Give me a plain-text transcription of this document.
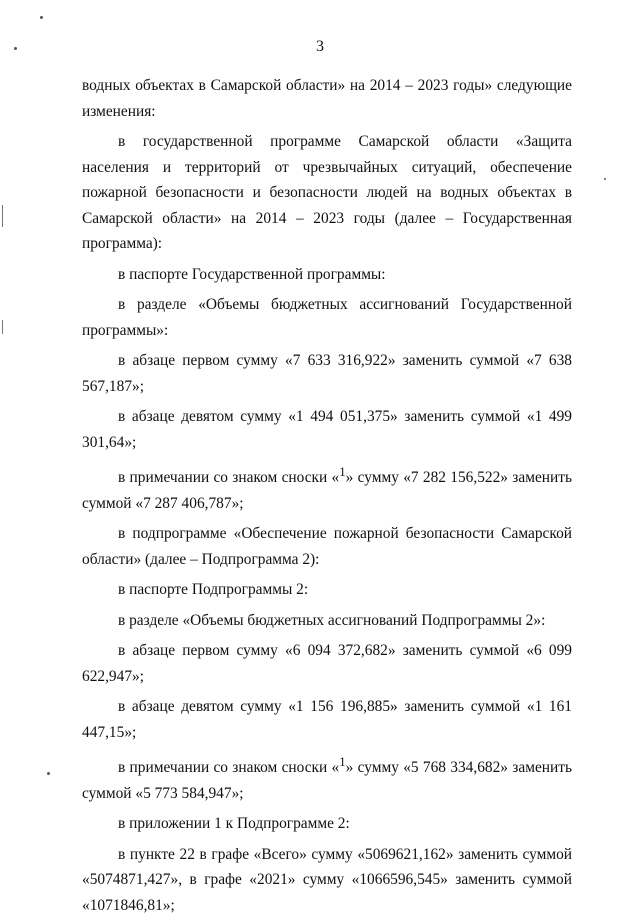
3

водных объектах в Самарской области» на 2014 – 2023 годы» следующие изменения:

в государственной программе Самарской области «Защита населения и территорий от чрезвычайных ситуаций, обеспечение пожарной безопасности и безопасности людей на водных объектах в Самарской области» на 2014 – 2023 годы (далее – Государственная программа):

в паспорте Государственной программы:

в разделе «Объемы бюджетных ассигнований Государственной программы»:

в абзаце первом сумму «7 633 316,922» заменить суммой «7 638 567,187»;

в абзаце девятом сумму «1 494 051,375» заменить суммой «1 499 301,64»;

в примечании со знаком сноски «$^1$» сумму «7 282 156,522» заменить суммой «7 287 406,787»;

в подпрограмме «Обеспечение пожарной безопасности Самарской области» (далее – Подпрограмма 2):

в паспорте Подпрограммы 2:

в разделе «Объемы бюджетных ассигнований Подпрограммы 2»:

в абзаце первом сумму «6 094 372,682» заменить суммой «6 099 622,947»;

в абзаце девятом сумму «1 156 196,885» заменить суммой «1 161 447,15»;

в примечании со знаком сноски «$^1$» сумму «5 768 334,682» заменить суммой «5 773 584,947»;

в приложении 1 к Подпрограмме 2:

в пункте 22 в графе «Всего» сумму «5069621,162» заменить суммой «5074871,427», в графе «2021» сумму «1066596,545» заменить суммой «1071846,81»;
